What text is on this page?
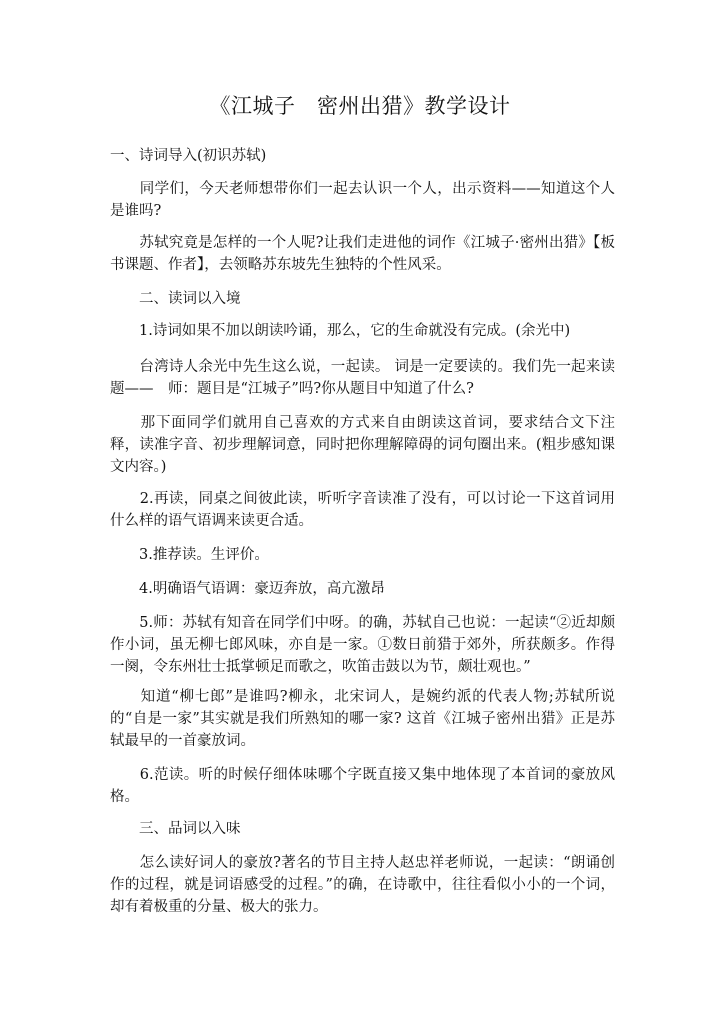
《江城子　密州出猎》教学设计

一、诗词导入(初识苏轼)

　　同学们，今天老师想带你们一起去认识一个人，出示资料——知道这个人是谁吗?

　　苏轼究竟是怎样的一个人呢?让我们走进他的词作《江城子·密州出猎》【板书课题、作者】，去领略苏东坡先生独特的个性风采。

　　二、读词以入境

　　1.诗词如果不加以朗读吟诵，那么，它的生命就没有完成。(余光中)

　　台湾诗人余光中先生这么说，一起读。 词是一定要读的。我们先一起来读题——　师：题目是“江城子”吗?你从题目中知道了什么?

　　那下面同学们就用自己喜欢的方式来自由朗读这首词，要求结合文下注释，读准字音、初步理解词意，同时把你理解障碍的词句圈出来。(粗步感知课文内容。)

　　2.再读，同桌之间彼此读，听听字音读准了没有，可以讨论一下这首词用什么样的语气语调来读更合适。

　　3.推荐读。生评价。

　　4.明确语气语调：豪迈奔放，高亢激昂

　　5.师：苏轼有知音在同学们中呀。的确，苏轼自己也说：一起读“②近却颇作小词，虽无柳七郎风味，亦自是一家。①数日前猎于郊外，所获颇多。作得一阕，令东州壮士抵掌顿足而歌之，吹笛击鼓以为节，颇壮观也。”

　　知道“柳七郎”是谁吗?柳永，北宋词人，是婉约派的代表人物;苏轼所说的“自是一家”其实就是我们所熟知的哪一家? 这首《江城子密州出猎》正是苏轼最早的一首豪放词。

　　6.范读。听的时候仔细体味哪个字既直接又集中地体现了本首词的豪放风格。

　　三、品词以入味

　　怎么读好词人的豪放?著名的节目主持人赵忠祥老师说，一起读：“朗诵创作的过程，就是词语感受的过程。”的确，在诗歌中，往往看似小小的一个词，却有着极重的分量、极大的张力。
